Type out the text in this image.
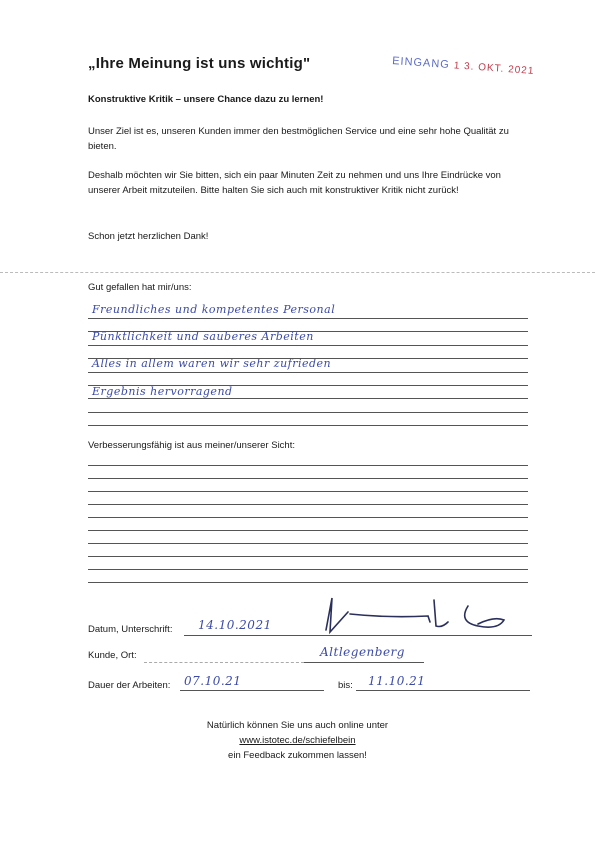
„Ihre Meinung ist uns wichtig"	EINGANG 1 3. OKT. 2021
Konstruktive Kritik – unsere Chance dazu zu lernen!
Unser Ziel ist es, unseren Kunden immer den bestmöglichen Service und eine sehr hohe Qualität zu bieten.
Deshalb möchten wir Sie bitten, sich ein paar Minuten Zeit zu nehmen und uns Ihre Eindrücke von unserer Arbeit mitzuteilen. Bitte halten Sie sich auch mit konstruktiver Kritik nicht zurück!
Schon jetzt herzlichen Dank!
Gut gefallen hat mir/uns:
Freundliches und kompetentes Personal
Pünktlichkeit und sauberes Arbeiten
Alles in allem waren wir sehr zufrieden
Ergebnis hervorragend
Verbesserungsfähig ist aus meiner/unserer Sicht:
Datum, Unterschrift: 14.10.2021
Kunde, Ort:	Altlegenberg
Dauer der Arbeiten: 07.10.21	bis: 11.10.21
Natürlich können Sie uns auch online unter
www.istotec.de/schiefelbein
ein Feedback zukommen lassen!
